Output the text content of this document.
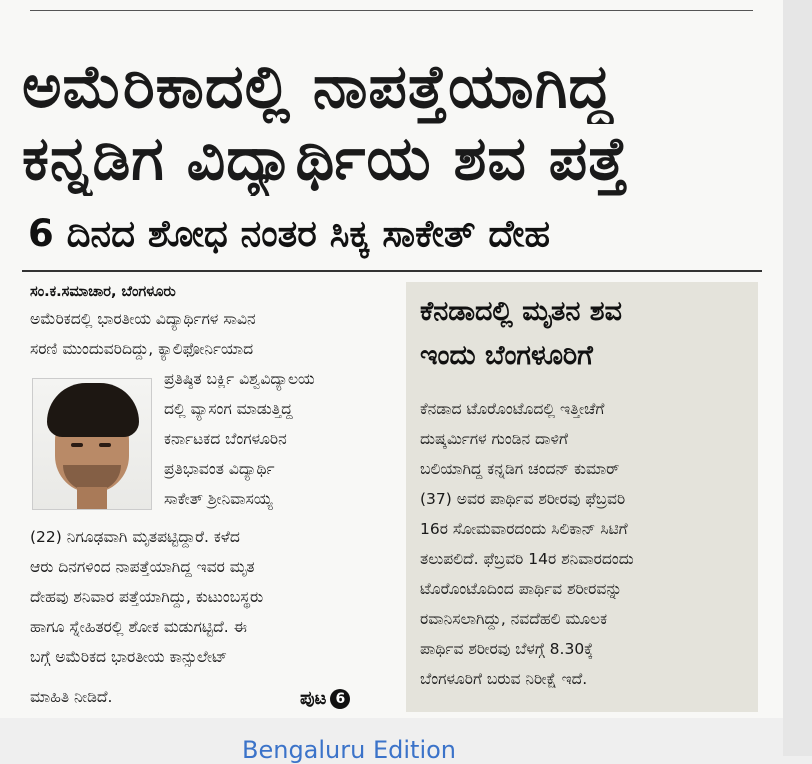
ಅಮೆರಿಕಾದಲ್ಲಿ ನಾಪತ್ತೆಯಾಗಿದ್ದ
ಕನ್ನಡಿಗ ವಿದ್ಯಾರ್ಥಿಯ ಶವ ಪತ್ತೆ
6 ದಿನದ ಶೋಧ ನಂತರ ಸಿಕ್ಕ ಸಾಕೇತ್ ದೇಹ
ಸಂ.ಕ.ಸಮಾಚಾರ, ಬೆಂಗಳೂರು
ಅಮೆರಿಕದಲ್ಲಿ ಭಾರತೀಯ ವಿದ್ಯಾರ್ಥಿಗಳ ಸಾವಿನ
ಸರಣಿ ಮುಂದುವರಿದಿದ್ದು, ಕ್ಯಾಲಿಫೋರ್ನಿಯಾದ
ಪ್ರತಿಷ್ಠಿತ ಬರ್ಕ್ಲಿ ವಿಶ್ವವಿದ್ಯಾಲಯ
ದಲ್ಲಿ ವ್ಯಾಸಂಗ ಮಾಡುತ್ತಿದ್ದ
ಕರ್ನಾಟಕದ ಬೆಂಗಳೂರಿನ
ಪ್ರತಿಭಾವಂತ ವಿದ್ಯಾರ್ಥಿ
ಸಾಕೇತ್ ಶ್ರೀನಿವಾಸಯ್ಯ
(22) ನಿಗೂಢವಾಗಿ ಮೃತಪಟ್ಟಿದ್ದಾರೆ. ಕಳೆದ
ಆರು ದಿನಗಳಿಂದ ನಾಪತ್ತೆಯಾಗಿದ್ದ ಇವರ ಮೃತ
ದೇಹವು ಶನಿವಾರ ಪತ್ತೆಯಾಗಿದ್ದು, ಕುಟುಂಬಸ್ಥರು
ಹಾಗೂ ಸ್ನೇಹಿತರಲ್ಲಿ ಶೋಕ ಮಡುಗಟ್ಟಿದೆ. ಈ
ಬಗ್ಗೆ ಅಮೆರಿಕದ ಭಾರತೀಯ ಕಾನ್ಸುಲೇಟ್
ಮಾಹಿತಿ ನೀಡಿದೆ.	ಪುಟ 6
ಕೆನಡಾದಲ್ಲಿ ಮೃತನ ಶವ
ಇಂದು ಬೆಂಗಳೂರಿಗೆ
ಕೆನಡಾದ ಟೊರೊಂಟೊದಲ್ಲಿ ಇತ್ತೀಚೆಗೆ
ದುಷ್ಕರ್ಮಿಗಳ ಗುಂಡಿನ ದಾಳಿಗೆ
ಬಲಿಯಾಗಿದ್ದ ಕನ್ನಡಿಗ ಚಂದನ್ ಕುಮಾರ್
(37) ಅವರ ಪಾರ್ಥಿವ ಶರೀರವು ಫೆಬ್ರವರಿ
16ರ ಸೋಮವಾರದಂದು ಸಿಲಿಕಾನ್ ಸಿಟಿಗೆ
ತಲುಪಲಿದೆ. ಫೆಬ್ರವರಿ 14ರ ಶನಿವಾರದಂದು
ಟೊರೊಂಟೊದಿಂದ ಪಾರ್ಥಿವ ಶರೀರವನ್ನು
ರವಾನಿಸಲಾಗಿದ್ದು, ನವದೆಹಲಿ ಮೂಲಕ
ಪಾರ್ಥಿವ ಶರೀರವು ಬೆಳಗ್ಗೆ 8.30ಕ್ಕೆ
ಬೆಂಗಳೂರಿಗೆ ಬರುವ ನಿರೀಕ್ಷೆ ಇದೆ.
Bengaluru Edition
